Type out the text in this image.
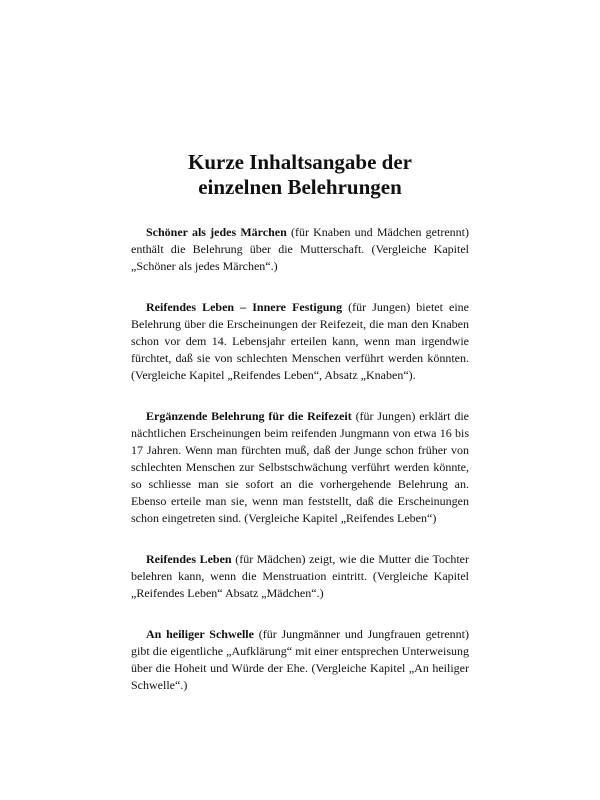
Kurze Inhaltsangabe der
einzelnen Belehrungen

Schöner als jedes Märchen (für Knaben und Mädchen getrennt) enthält die Belehrung über die Mutterschaft. (Vergleiche Kapitel „Schöner als jedes Märchen“.)

Reifendes Leben – Innere Festigung (für Jungen) bietet eine Belehrung über die Erscheinungen der Reifezeit, die man den Knaben schon vor dem 14. Lebensjahr erteilen kann, wenn man irgendwie fürchtet, daß sie von schlechten Menschen verführt werden könnten. (Vergleiche Kapitel „Reifendes Leben“, Absatz „Knaben“).

Ergänzende Belehrung für die Reifezeit (für Jungen) erklärt die nächtlichen Erscheinungen beim reifenden Jungmann von etwa 16 bis 17 Jahren. Wenn man fürchten muß, daß der Junge schon früher von schlechten Menschen zur Selbstschwächung verführt werden könnte, so schliesse man sie sofort an die vorhergehende Belehrung an. Ebenso erteile man sie, wenn man feststellt, daß die Erscheinungen schon eingetreten sind. (Vergleiche Kapitel „Reifendes Leben“)

Reifendes Leben (für Mädchen) zeigt, wie die Mutter die Tochter belehren kann, wenn die Menstruation eintritt. (Vergleiche Kapitel „Reifendes Leben“ Absatz „Mädchen“.)

An heiliger Schwelle (für Jungmänner und Jungfrauen getrennt) gibt die eigentliche „Aufklärung“ mit einer entsprechen Unterweisung über die Hoheit und Würde der Ehe. (Vergleiche Kapitel „An heiliger Schwelle“.)
